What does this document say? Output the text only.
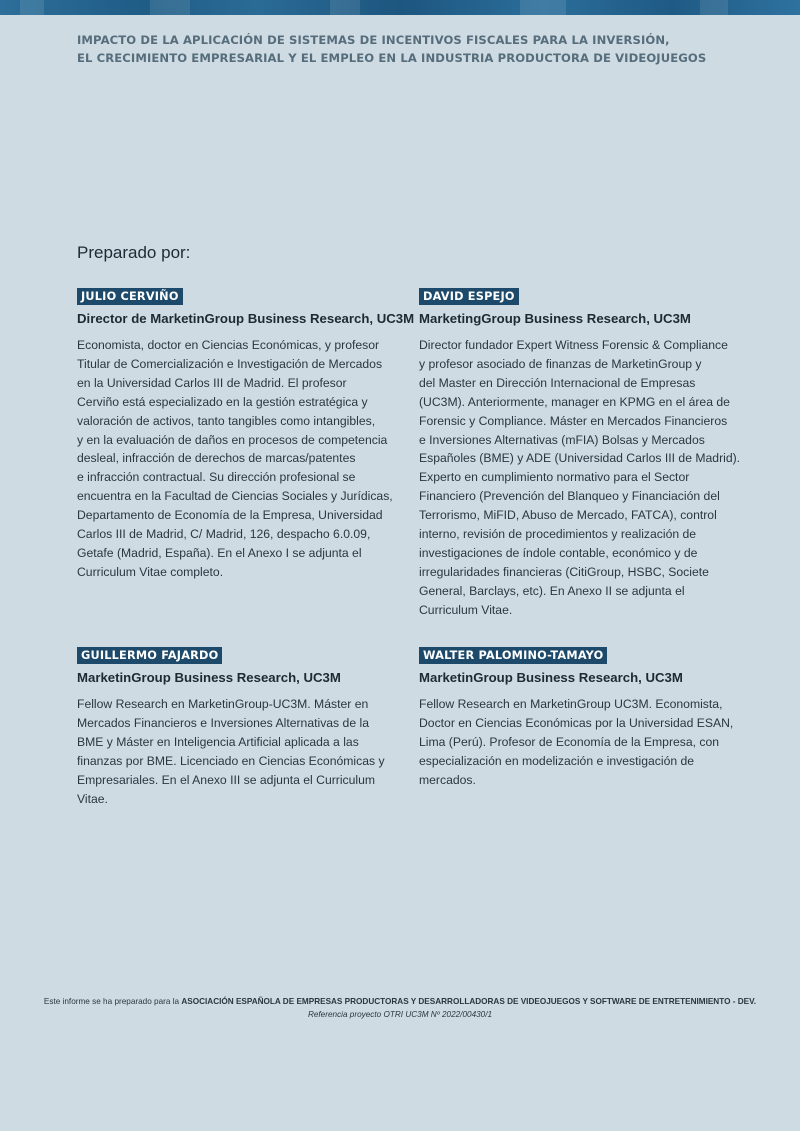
IMPACTO DE LA APLICACIÓN DE SISTEMAS DE INCENTIVOS FISCALES PARA LA INVERSIÓN,
EL CRECIMIENTO EMPRESARIAL Y EL EMPLEO EN LA INDUSTRIA PRODUCTORA DE VIDEOJUEGOS
Preparado por:
JULIO CERVIÑO
Director de MarketinGroup Business Research, UC3M
Economista, doctor en Ciencias Económicas, y profesor
Titular de Comercialización e Investigación de Mercados
en la Universidad Carlos III de Madrid. El profesor
Cerviño está especializado en la gestión estratégica y
valoración de activos, tanto tangibles como intangibles,
y en la evaluación de daños en procesos de competencia
desleal, infracción de derechos de marcas/patentes
e infracción contractual. Su dirección profesional se
encuentra en la Facultad de Ciencias Sociales y Jurídicas,
Departamento de Economía de la Empresa, Universidad
Carlos III de Madrid, C/ Madrid, 126, despacho 6.0.09,
Getafe (Madrid, España). En el Anexo I se adjunta el
Curriculum Vitae completo.
DAVID ESPEJO
MarketingGroup Business Research, UC3M
Director fundador Expert Witness Forensic & Compliance
y profesor asociado de finanzas de MarketinGroup y
del Master en Dirección Internacional de Empresas
(UC3M). Anteriormente, manager en KPMG en el área de
Forensic y Compliance. Máster en Mercados Financieros
e Inversiones Alternativas (mFIA) Bolsas y Mercados
Españoles (BME) y ADE (Universidad Carlos III de Madrid).
Experto en cumplimiento normativo para el Sector
Financiero (Prevención del Blanqueo y Financiación del
Terrorismo, MiFID, Abuso de Mercado, FATCA), control
interno, revisión de procedimientos y realización de
investigaciones de índole contable, económico y de
irregularidades financieras (CitiGroup, HSBC, Societe
General, Barclays, etc). En Anexo II se adjunta el
Curriculum Vitae.
GUILLERMO FAJARDO
MarketinGroup Business Research, UC3M
Fellow Research en MarketinGroup-UC3M. Máster en
Mercados Financieros e Inversiones Alternativas de la
BME y Máster en Inteligencia Artificial aplicada a las
finanzas por BME. Licenciado en Ciencias Económicas y
Empresariales. En el Anexo III se adjunta el Curriculum
Vitae.
WALTER PALOMINO-TAMAYO
MarketinGroup Business Research, UC3M
Fellow Research en MarketinGroup UC3M. Economista,
Doctor en Ciencias Económicas por la Universidad ESAN,
Lima (Perú). Profesor de Economía de la Empresa, con
especialización en modelización e investigación de
mercados.
Este informe se ha preparado para la ASOCIACIÓN ESPAÑOLA DE EMPRESAS PRODUCTORAS Y DESARROLLADORAS DE VIDEOJUEGOS Y SOFTWARE DE ENTRETENIMIENTO - DEV.
Referencia proyecto OTRI UC3M Nº 2022/00430/1
